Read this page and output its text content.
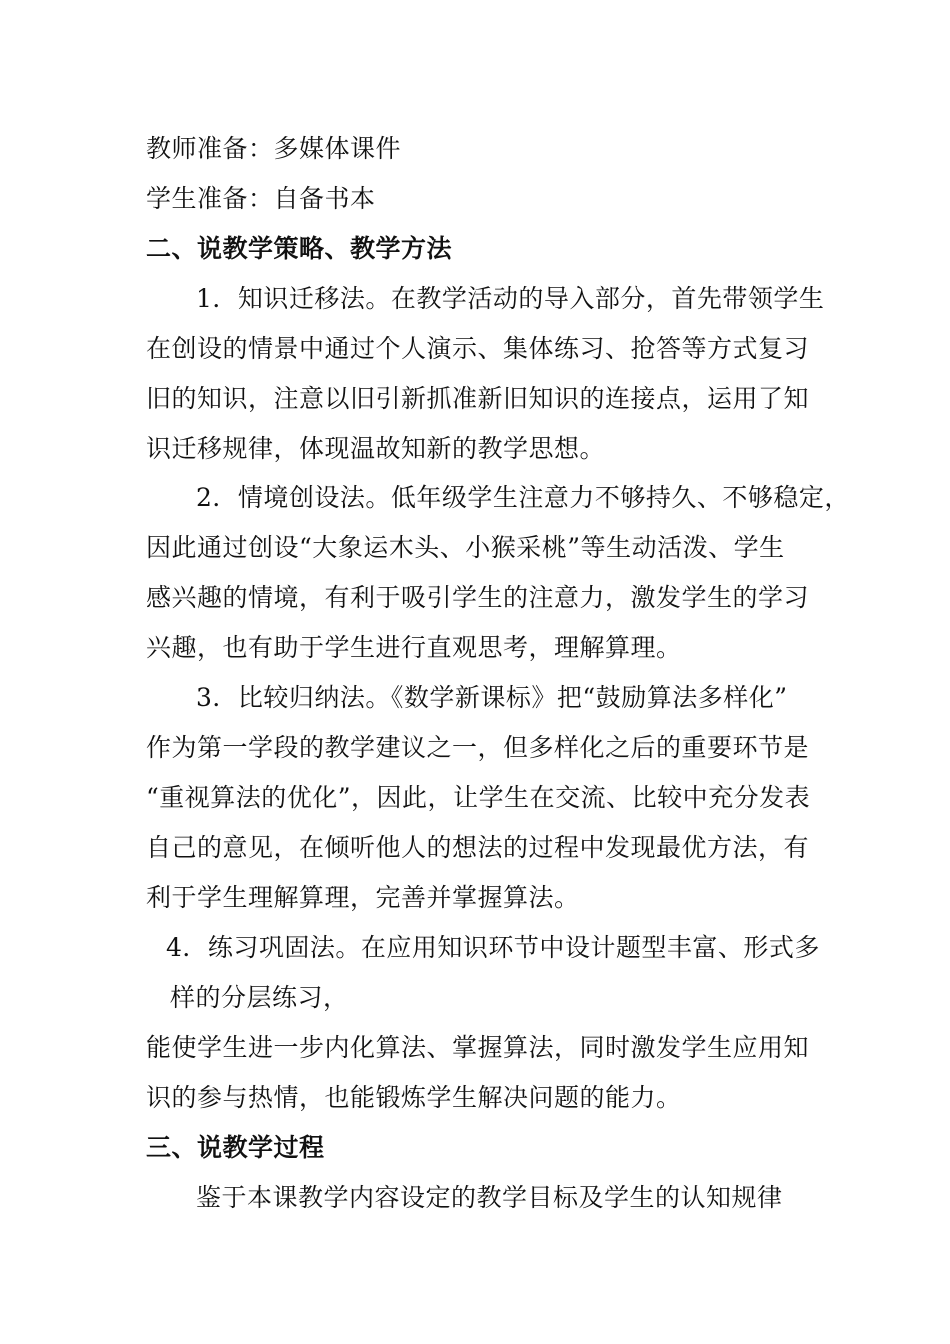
教师准备：多媒体课件
学生准备：自备书本
二、说教学策略、教学方法
1．知识迁移法。在教学活动的导入部分，首先带领学生
在创设的情景中通过个人演示、集体练习、抢答等方式复习
旧的知识，注意以旧引新抓准新旧知识的连接点，运用了知
识迁移规律，体现温故知新的教学思想。
2．情境创设法。低年级学生注意力不够持久、不够稳定，
因此通过创设“大象运木头、小猴采桃”等生动活泼、学生
感兴趣的情境，有利于吸引学生的注意力，激发学生的学习
兴趣，也有助于学生进行直观思考，理解算理。
3．比较归纳法。《数学新课标》把“鼓励算法多样化”
作为第一学段的教学建议之一，但多样化之后的重要环节是
“重视算法的优化”，因此，让学生在交流、比较中充分发表
自己的意见，在倾听他人的想法的过程中发现最优方法，有
利于学生理解算理，完善并掌握算法。
4．练习巩固法。在应用知识环节中设计题型丰富、形式多
样的分层练习，
能使学生进一步内化算法、掌握算法，同时激发学生应用知
识的参与热情，也能锻炼学生解决问题的能力。
三、说教学过程
鉴于本课教学内容设定的教学目标及学生的认知规律
